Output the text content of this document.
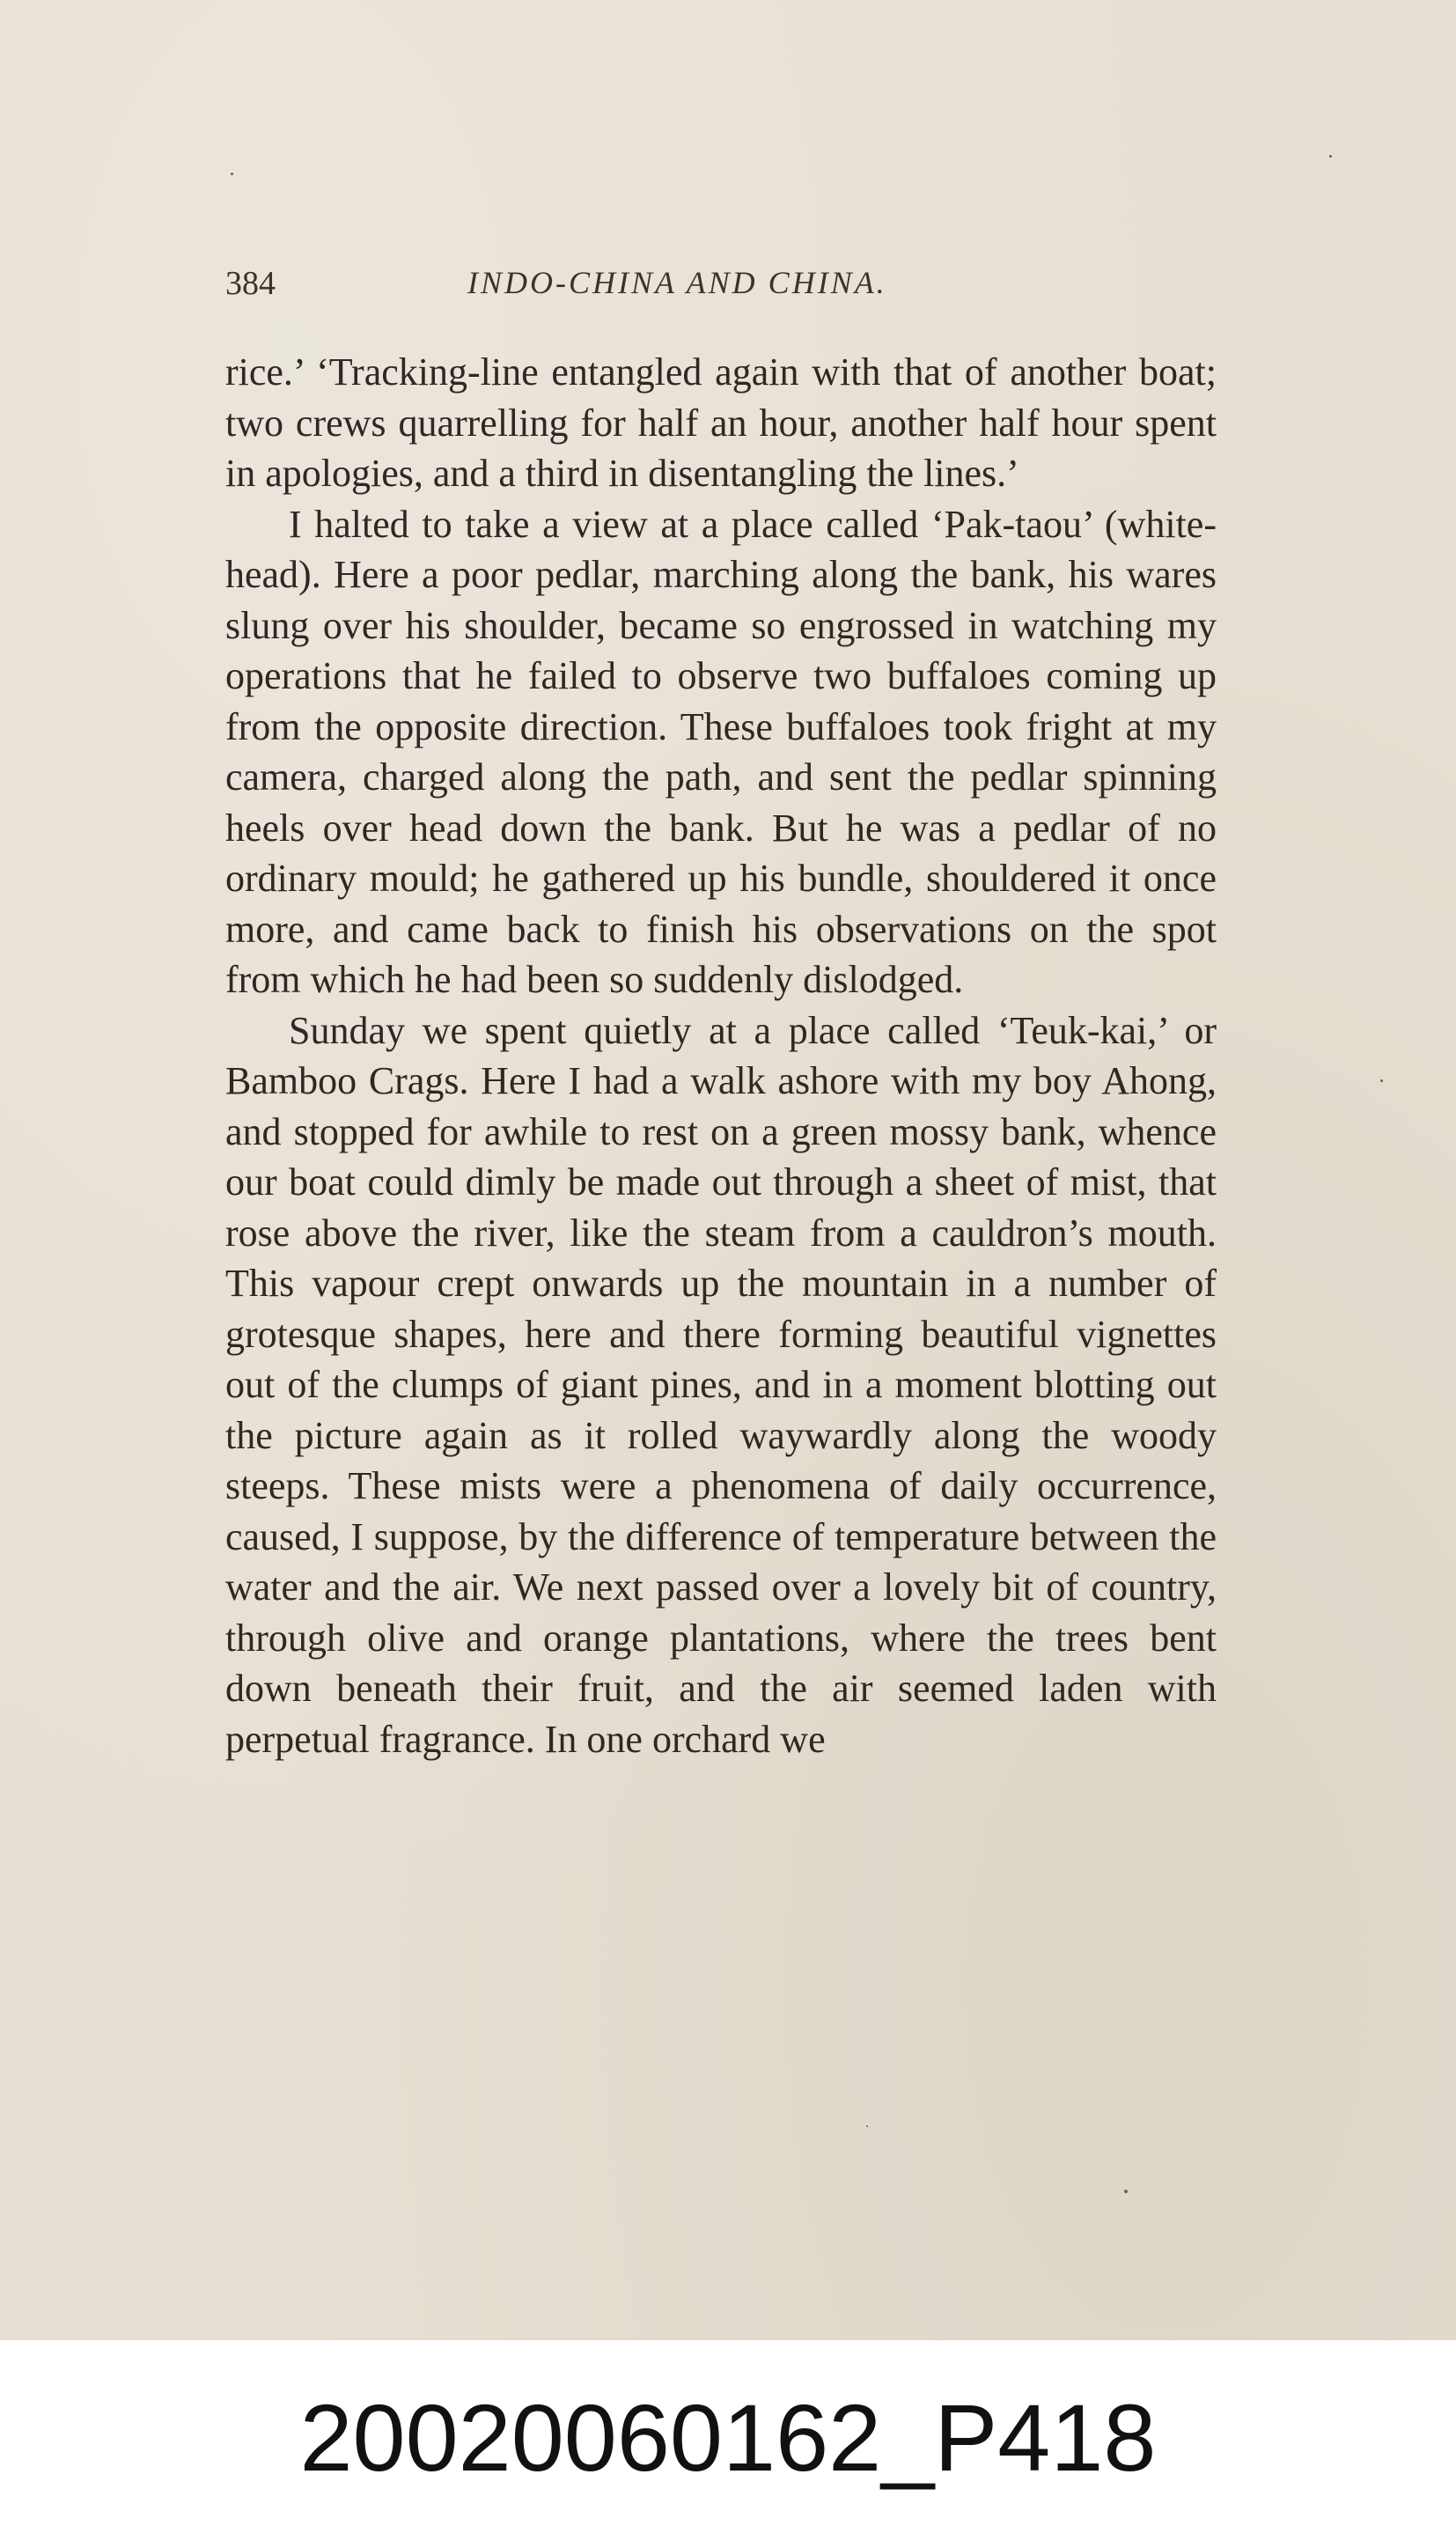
384	INDO-CHINA AND CHINA.

rice.’ ‘Tracking-line entangled again with that of another boat; two crews quarrelling for half an hour, another half hour spent in apologies, and a third in disentangling the lines.’

I halted to take a view at a place called ‘Pak-taou’ (white-head). Here a poor pedlar, marching along the bank, his wares slung over his shoulder, became so engrossed in watching my operations that he failed to observe two buffaloes coming up from the opposite direction. These buffaloes took fright at my camera, charged along the path, and sent the pedlar spinning heels over head down the bank. But he was a pedlar of no ordinary mould; he gathered up his bundle, shouldered it once more, and came back to finish his observations on the spot from which he had been so suddenly dislodged.

Sunday we spent quietly at a place called ‘Teuk-kai,’ or Bamboo Crags. Here I had a walk ashore with my boy Ahong, and stopped for awhile to rest on a green mossy bank, whence our boat could dimly be made out through a sheet of mist, that rose above the river, like the steam from a cauldron’s mouth. This vapour crept onwards up the mountain in a number of grotesque shapes, here and there forming beautiful vignettes out of the clumps of giant pines, and in a moment blotting out the picture again as it rolled waywardly along the woody steeps. These mists were a phenomena of daily occurrence, caused, I suppose, by the difference of temperature between the water and the air. We next passed over a lovely bit of country, through olive and orange plantations, where the trees bent down beneath their fruit, and the air seemed laden with perpetual fragrance. In one orchard we

20020060162_P418
